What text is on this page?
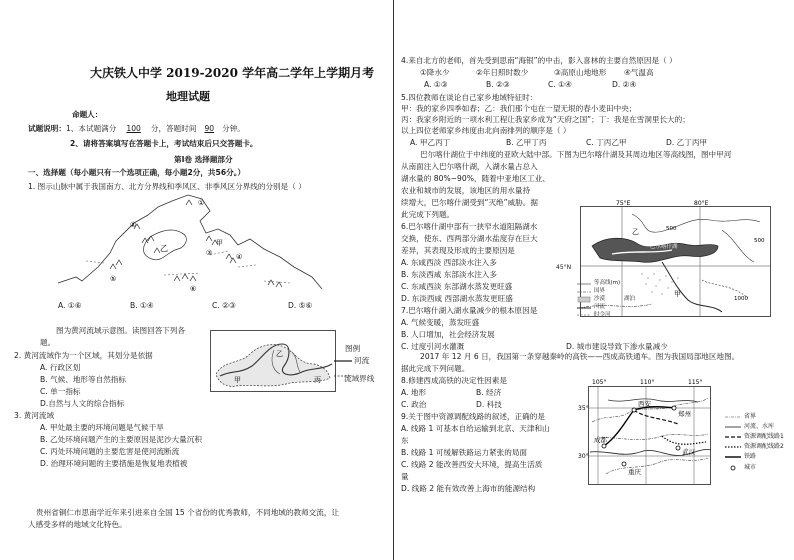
大庆铁人中学 2019-2020 学年高二学年上学期月考
地理试题
命题人：
试题说明：1、本试题满分 100 分，答题时间 90 分钟。
2、请将答案填写在答题卡上，考试结束后只交答题卡。
第Ⅰ卷 选择题部分
一、选择题（每小题只有一个选项正确，每小题2分，共56分。）
1. 图示山脉中属于我国南方、北方分界线和季风区、非季风区分界线的分别是（ ）
①
②
③	④
⑤
⑥
乙
甲
A. ①⑥	B. ①④	C. ②③	D. ⑤⑥
图为黄河流域示意图。读图回答下列各
题。
2. 黄河流域作为一个区域，其划分是依据
A. 行政区划
B. 气候、地形等自然指标
C. 单一指标
D.自然与人文的综合指标
3. 黄河流域
A. 甲处最主要的环境问题是气候干旱
B. 乙处环境问题产生的主要原因是泥沙大量沉积
C. 丙处环境问题的主要危害是使河流断流
D. 治理环境问题的主要措施是恢复地表植被
乙
甲	丙
图例
河流
流域界线
贵州省铜仁市思南学近年来引进来自全国 15 个省份的优秀教师，不同地域的教师交流，让
人感受多样的地域文化特色。
4.来自北方的老师，首先受到思南“海银”的中击，影入喜林的主要自然原因是（ ）
①降水少	②年日照时数少	③高原山地地形 ④气温高
A. ①③	B. ②③	C. ①④	D. ②④
5.四位教师在谈论自己家乡地域特征时：
甲：我的家乡四季如春；乙：我们那个屯在一望无垠的春小麦田中央；
丙：我家乡附近的一项水利工程让我家乡成为“天府之国”；丁：我是在雪洞里长大的；
以上四位老师家乡纬度由北向南排列的顺序是（ ）
A. 甲乙丙丁	B. 乙甲丁丙	C. 丁丙乙甲	D. 乙丁丙甲
巴尔喀什湖位于中纬度的亚欧大陆中部。下图为巴尔喀什湖及其周边地区等高线图，图中甲河
从南面注入巴尔喀什湖，入湖水量占总入
湖水量的 80%~90%，随着中亚地区工业、
农业和城市的发展，该地区的用水量持
续增大，巴尔喀什湖受到“灭绝”威胁。据
此完成下列题。
6.巴尔喀什湖中部有一狭窄水道阻隔湖水
交换，使东、西两部分湖水盐度存在巨大
差异，其表现及形成的主要原因是
A. 东咸西淡 西部淡水注入多
B. 东淡西咸 东部淡水注入多
C. 东咸西淡 东部湖水蒸发更旺盛
D. 东淡西咸 西部湖水蒸发更旺盛
7.巴尔喀什湖入湖水量减少的根本原因是
A. 气候变暖，蒸发旺盛
B. 人口增加，社会经济发展
C. 过度引河水灌溉	D. 城市建设导致下渗水量减少
75°E	80°E
甲
乙
巴尔喀什湖
500
500
1000
45°N
等高线(m)
国界
沙漠
河流
时令河
湖泊
2017 年 12 月 6 日，我国第一条穿越秦岭的高铁——西成高铁通车。图为我国局部地区地图。
据此完成下列问题。
8.修建西成高铁的决定性因素是
A. 地形	B. 经济
C. 政治	D. 科技
9.关于图中资源调配线路的叙述，正确的是
A. 线路 1 可基本自给运输到北京、天津和山
东
B. 线路 1 可缓解铁路运力紧张的局面
C. 线路 2 能改善西安大环境，提高生活质
量
D. 线路 2 能有效改善上海市的能源结构
105°	110°	115°
30°
35°
西安
郑州
成都
武汉
重庆
省界
河流、水库
资源调配线路1
资源调配线路2
铁路
城市
